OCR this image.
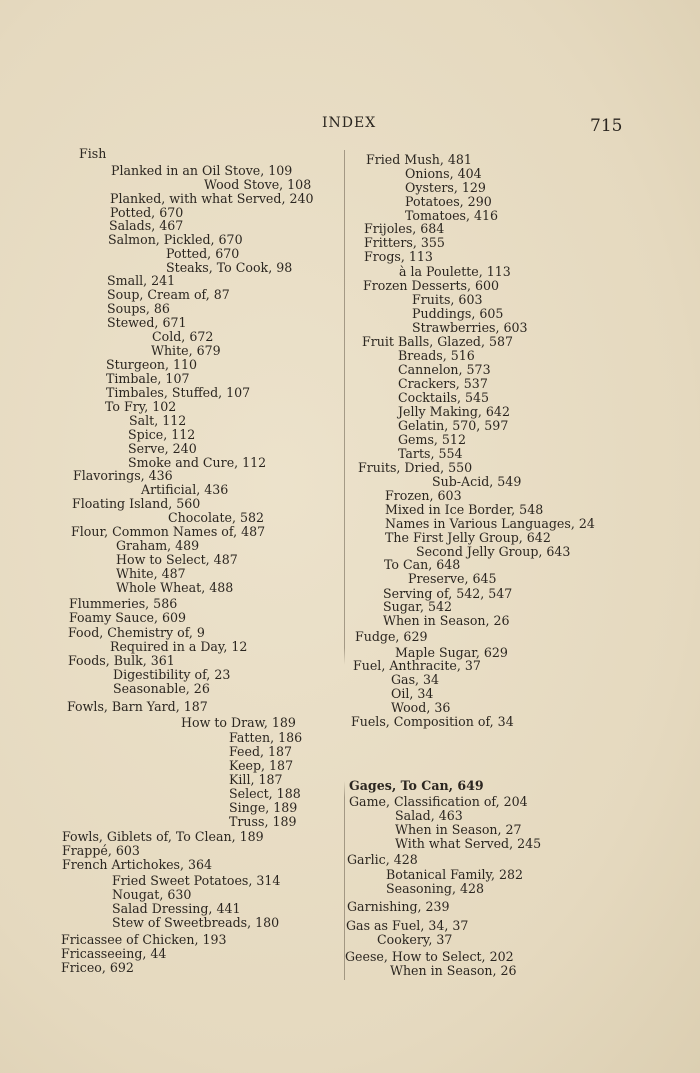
INDEX	715
Fish
Planked in an Oil Stove, 109
Wood Stove, 108
Planked, with what Served, 240
Potted, 670
Salads, 467
Salmon, Pickled, 670
Potted, 670
Steaks, To Cook, 98
Small, 241
Soup, Cream of, 87
Soups, 86
Stewed, 671
Cold, 672
White, 679
Sturgeon, 110
Timbale, 107
Timbales, Stuffed, 107
To Fry, 102
Salt, 112
Spice, 112
Serve, 240
Smoke and Cure, 112
Flavorings, 436
Artificial, 436
Floating Island, 560
Chocolate, 582
Flour, Common Names of, 487
Graham, 489
How to Select, 487
White, 487
Whole Wheat, 488
Flummeries, 586
Foamy Sauce, 609
Food, Chemistry of, 9
Required in a Day, 12
Foods, Bulk, 361
Digestibility of, 23
Seasonable, 26
Fowls, Barn Yard, 187
How to Draw, 189
Fatten, 186
Feed, 187
Keep, 187
Kill, 187
Select, 188
Singe, 189
Truss, 189
Fowls, Giblets of, To Clean, 189
Frappé, 603
French Artichokes, 364
Fried Sweet Potatoes, 314
Nougat, 630
Salad Dressing, 441
Stew of Sweetbreads, 180
Fricassee of Chicken, 193
Fricasseeing, 44
Friceo, 692
Fried Mush, 481
Onions, 404
Oysters, 129
Potatoes, 290
Tomatoes, 416
Frijoles, 684
Fritters, 355
Frogs, 113
à la Poulette, 113
Frozen Desserts, 600
Fruits, 603
Puddings, 605
Strawberries, 603
Fruit Balls, Glazed, 587
Breads, 516
Cannelon, 573
Crackers, 537
Cocktails, 545
Jelly Making, 642
Gelatin, 570, 597
Gems, 512
Tarts, 554
Fruits, Dried, 550
Sub-Acid, 549
Frozen, 603
Mixed in Ice Border, 548
Names in Various Languages, 24
The First Jelly Group, 642
Second Jelly Group, 643
To Can, 648
Preserve, 645
Serving of, 542, 547
Sugar, 542
When in Season, 26
Fudge, 629
Maple Sugar, 629
Fuel, Anthracite, 37
Gas, 34
Oil, 34
Wood, 36
Fuels, Composition of, 34
Gages, To Can, 649
Game, Classification of, 204
Salad, 463
When in Season, 27
With what Served, 245
Garlic, 428
Botanical Family, 282
Seasoning, 428
Garnishing, 239
Gas as Fuel, 34, 37
Cookery, 37
Geese, How to Select, 202
When in Season, 26
